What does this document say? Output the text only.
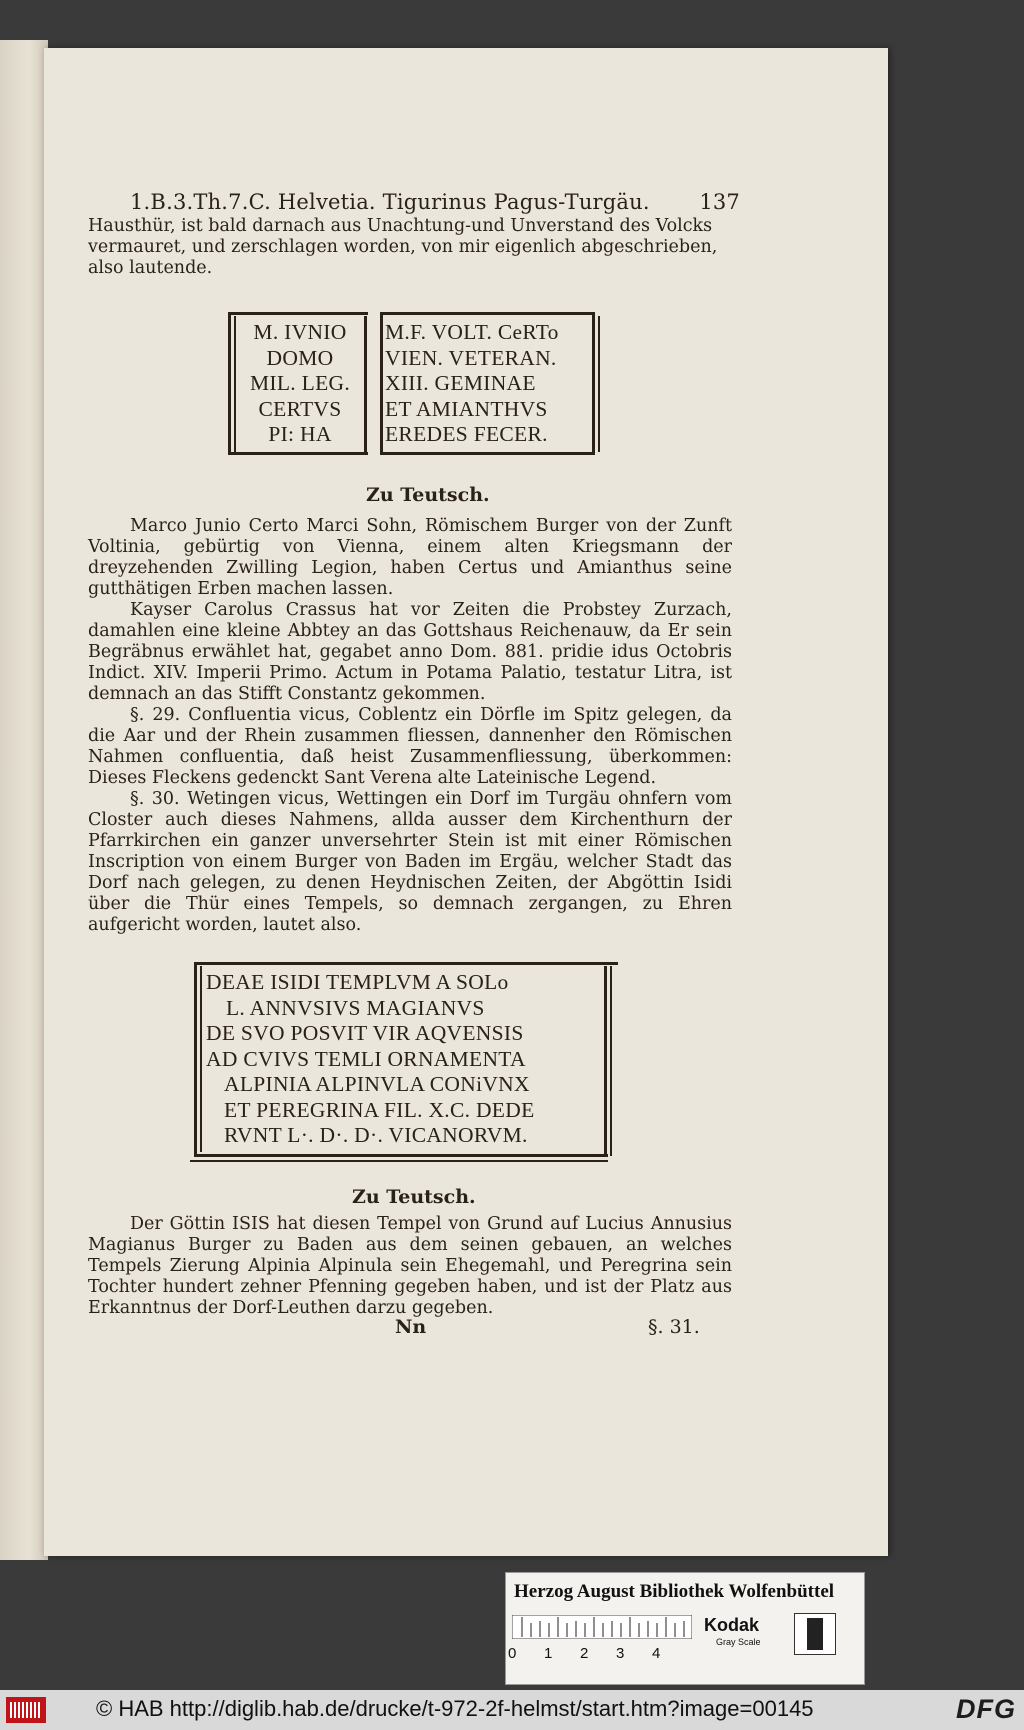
1.B.3.Th.7.C. Helvetia. Tigurinus Pagus-Turgäu. 137
Hausthür, ist bald darnach aus Unachtung-und Unverstand des Volcks
vermauret, und zerschlagen worden, von mir eigenlich abgeschrieben,
also lautende.
M. IVNIO
DOMO
MIL. LEG.
CERTVS
PI: HA
M.F. VOLT. CeRTo
VIEN. VETERAN.
XIII. GEMINAE
ET AMIANTHVS
EREDES FECER.
Zu Teutsch.

Marco Junio Certo Marci Sohn, Römischem Burger von der Zunft Voltinia, gebürtig von Vienna, einem alten Kriegsmann der dreyzehenden Zwilling Legion, haben Certus und Amianthus seine gutthätigen Erben machen lassen.

Kayser Carolus Crassus hat vor Zeiten die Probstey Zurzach, damahlen eine kleine Abbtey an das Gottshaus Reichenauw, da Er sein Begräbnus erwählet hat, gegabet anno Dom. 881. pridie idus Octobris Indict. XIV. Imperii Primo. Actum in Potama Palatio, testatur Litra, ist demnach an das Stifft Constantz gekommen.

§. 29. Confluentia vicus, Coblentz ein Dörfle im Spitz gelegen, da die Aar und der Rhein zusammen fliessen, dannenher den Römischen Nahmen confluentia, daß heist Zusammenfliessung, überkommen: Dieses Fleckens gedenckt Sant Verena alte Lateinische Legend.

§. 30. Wetingen vicus, Wettingen ein Dorf im Turgäu ohnfern vom Closter auch dieses Nahmens, allda ausser dem Kirchenthurn der Pfarrkirchen ein ganzer unversehrter Stein ist mit einer Römischen Inscription von einem Burger von Baden im Ergäu, welcher Stadt das Dorf nach gelegen, zu denen Heydnischen Zeiten, der Abgöttin Isidi über die Thür eines Tempels, so demnach zergangen, zu Ehren aufgericht worden, lautet also.

DEAE ISIDI TEMPLVM A SOLo
L. ANNVSIVS MAGIANVS
DE SVO POSVIT VIR AQVENSIS
AD CVIVS TEMLI ORNAMENTA
ALPINIA ALPINVLA CONiVNX
ET PEREGRINA FIL. X.C. DEDE
RVNT L·. D·. D·. VICANORVM.
Zu Teutsch.

Der Göttin ISIS hat diesen Tempel von Grund auf Lucius Annusius Magianus Burger zu Baden aus dem seinen gebauen, an welches Tempels Zierung Alpinia Alpinula sein Ehegemahl, und Peregrina sein Tochter hundert zehner Pfenning gegeben haben, und ist der Platz aus Erkanntnus der Dorf-Leuthen darzu gegeben.

Nn	§. 31.
Herzog August Bibliothek Wolfenbüttel
0 1 2 3 4
Kodak
Gray Scale
© HAB http://diglib.hab.de/drucke/t-972-2f-helmst/start.htm?image=00145	DFG
